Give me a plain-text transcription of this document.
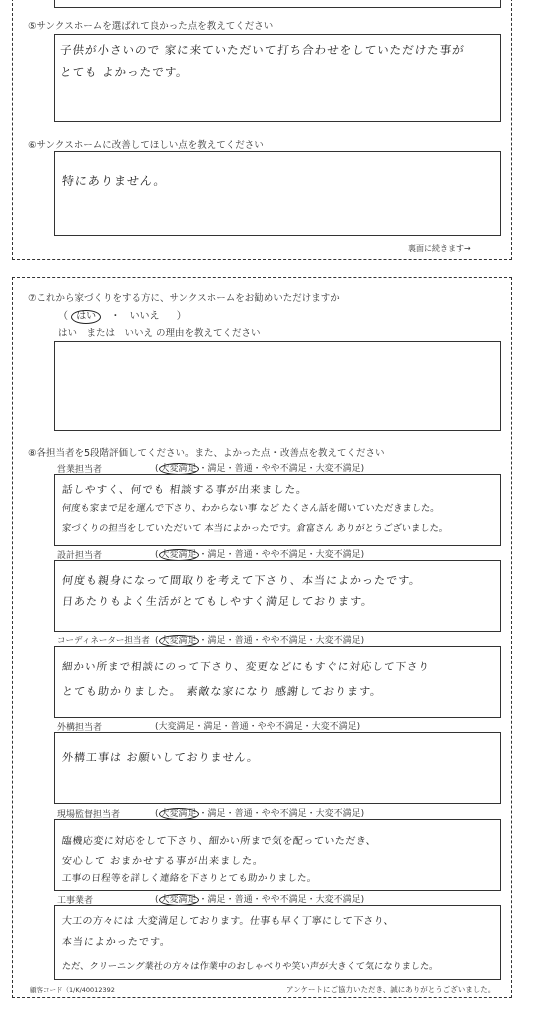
⑤サンクスホームを選ばれて良かった点を教えてください
子供が小さいので 家に来ていただいて打ち合わせをしていただけた事が
とても よかったです。
⑥サンクスホームに改善してほしい点を教えてください
特にありません。
裏面に続きます→
⑦これから家づくりをする方に、サンクスホームをお勧めいただけますか
（ はい ・ いいえ ）
はい　または　いいえ の理由を教えてください
⑧各担当者を5段階評価してください。また、よかった点・改善点を教えてください
営業担当者	( 大変満足 ・満足・普通・やや不満足・大変不満足)
話しやすく、何でも 相談する事が出来ました。
何度も家まで足を運んで下さり、わからない事 など たくさん話を聞いていただきました。
家づくりの担当をしていただいて 本当によかったです。倉富さん ありがとうございました。
設計担当者	( 大変満足 ・満足・普通・やや不満足・大変不満足)
何度も親身になって間取りを考えて下さり、本当によかったです。
日あたりもよく生活がとてもしやすく満足しております。
コーディネーター担当者 ( 大変満足 ・満足・普通・やや不満足・大変不満足)
細かい所まで相談にのって下さり、変更などにもすぐに対応して下さり
とても助かりました。 素敵な家になり 感謝しております。
外構担当者	(大変満足・満足・普通・やや不満足・大変不満足)
外構工事は お願いしておりません。
現場監督担当者	( 大変満足 ・満足・普通・やや不満足・大変不満足)
臨機応変に対応をして下さり、細かい所まで気を配っていただき、
安心して おまかせする事が出来ました。
工事の日程等を詳しく連絡を下さりとても助かりました。
工事業者	( 大変満足 ・満足・普通・やや不満足・大変不満足)
大工の方々には 大変満足しております。仕事も早く丁寧にして下さり、
本当によかったです。
ただ、クリーニング業社の方々は作業中のおしゃべりや笑い声が大きくて気になりました。
顧客コード（1/K/40012392	アンケートにご協力いただき、誠にありがとうございました。
